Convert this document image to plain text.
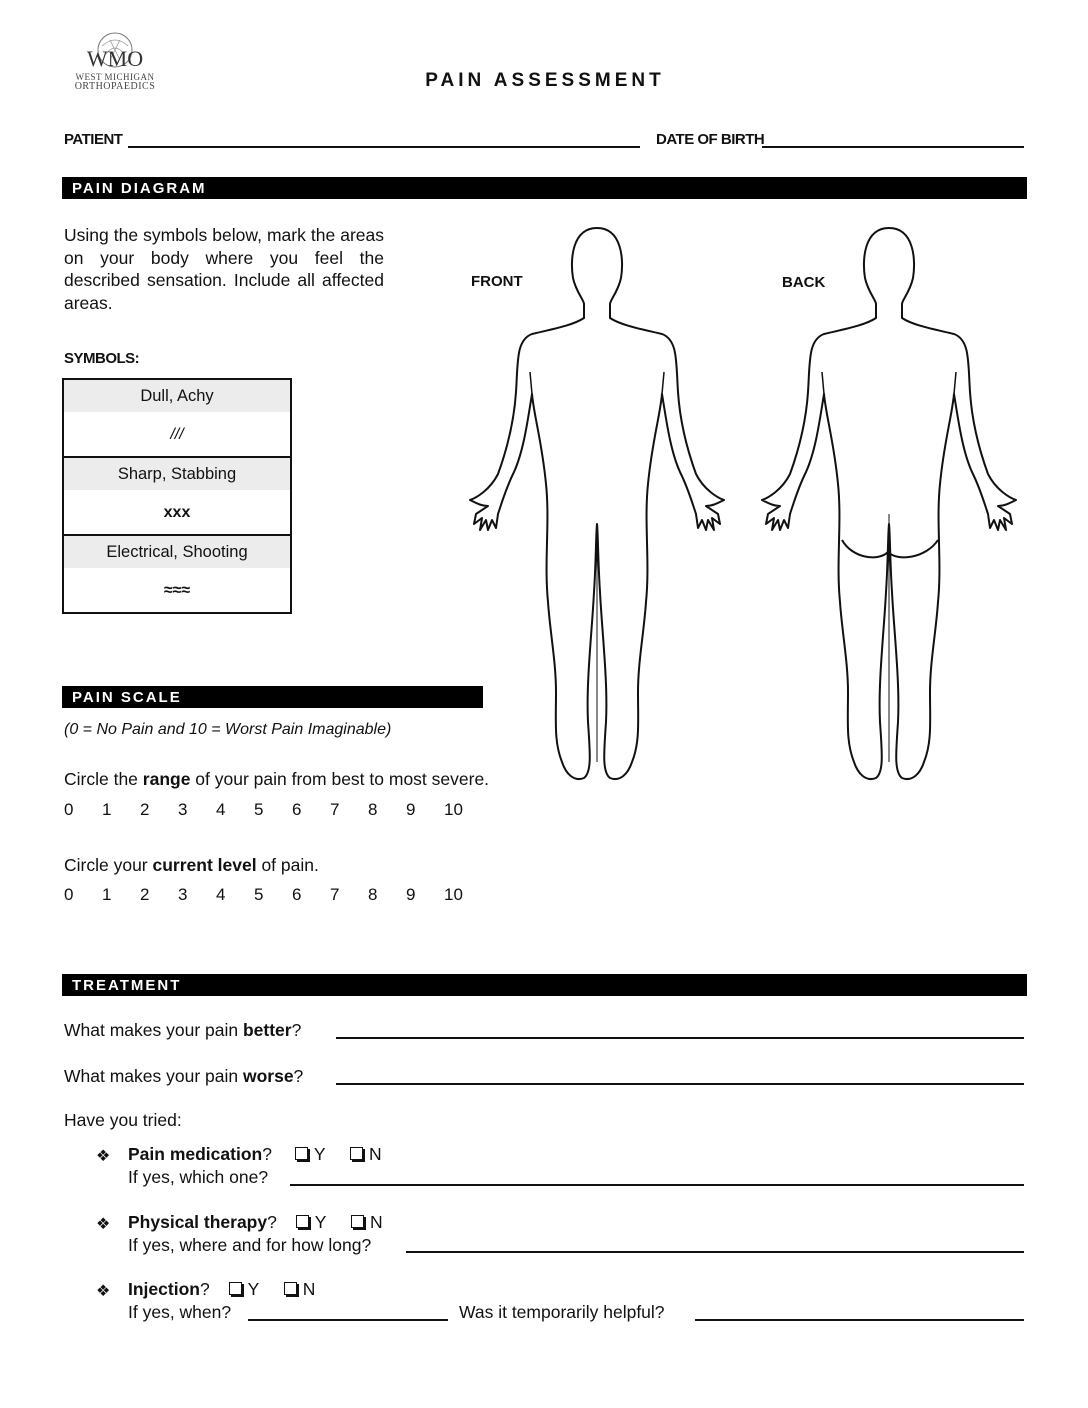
WMO
WEST MICHIGAN
ORTHOPAEDICS	PAIN ASSESSMENT
PATIENT	DATE OF BIRTH
PAIN DIAGRAM
Using the symbols below, mark the areas on your body where you feel the described sensation. Include all affected areas.
SYMBOLS:
Dull, Achy
///
Sharp, Stabbing
xxx
Electrical, Shooting
≈≈≈
FRONT	BACK
PAIN SCALE
(0 = No Pain and 10 = Worst Pain Imaginable)
Circle the range of your pain from best to most severe.
0 1 2 3 4 5 6 7 8 9 10
Circle your current level of pain.
0 1 2 3 4 5 6 7 8 9 10
TREATMENT
What makes your pain better?
What makes your pain worse?
Have you tried:
❖ Pain medication? Y	N
If yes, which one?
❖ Physical therapy? Y	N
If yes, where and for how long?
❖ Injection? Y	N
If yes, when?	Was it temporarily helpful?
